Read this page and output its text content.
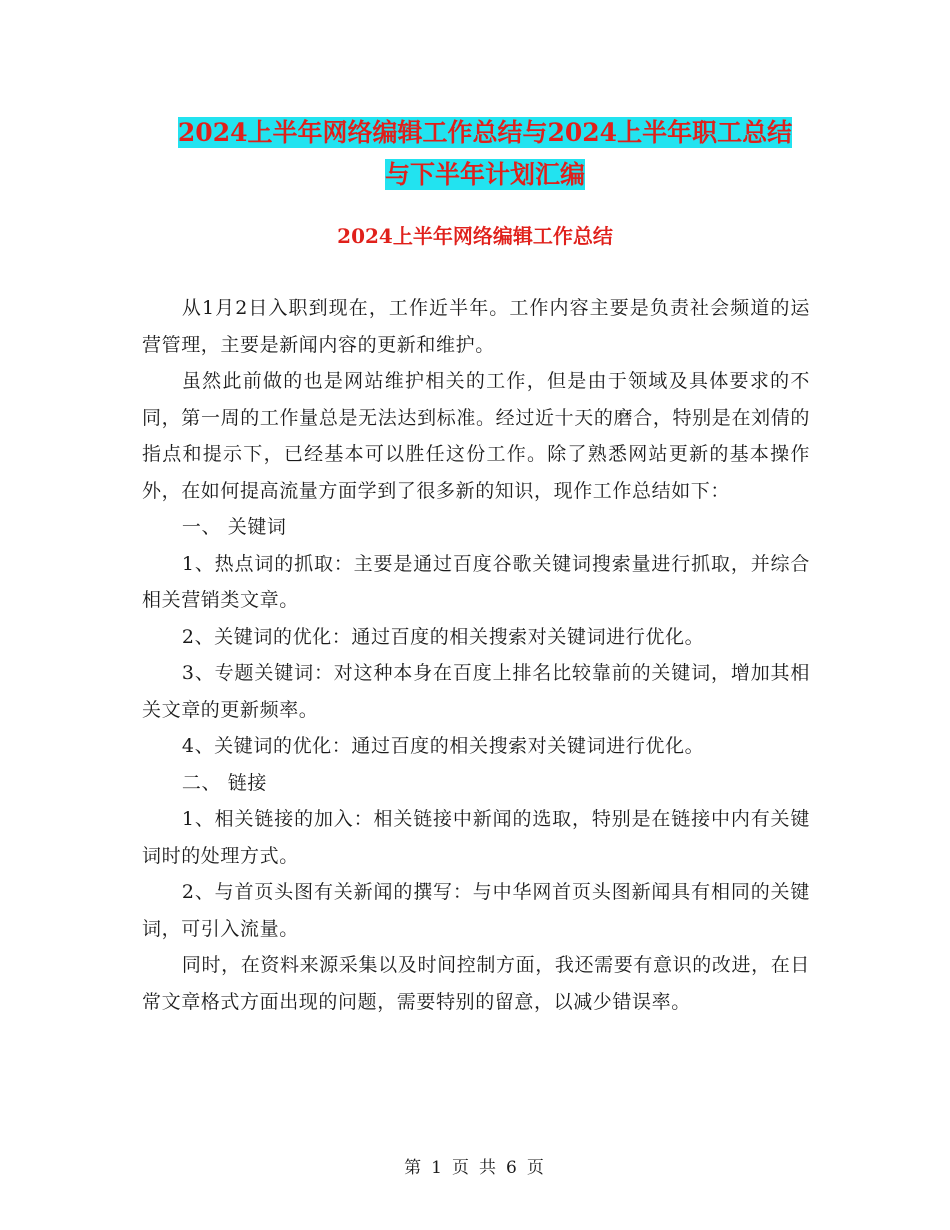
2024上半年网络编辑工作总结与2024上半年职工总结
与下半年计划汇编
2024上半年网络编辑工作总结

从1月2日入职到现在，工作近半年。工作内容主要是负责社会频道的运营管理，主要是新闻内容的更新和维护。

虽然此前做的也是网站维护相关的工作，但是由于领域及具体要求的不同，第一周的工作量总是无法达到标准。经过近十天的磨合，特别是在刘倩的指点和提示下，已经基本可以胜任这份工作。除了熟悉网站更新的基本操作外，在如何提高流量方面学到了很多新的知识，现作工作总结如下：

一、 关键词

1、热点词的抓取：主要是通过百度谷歌关键词搜索量进行抓取，并综合相关营销类文章。

2、关键词的优化：通过百度的相关搜索对关键词进行优化。

3、专题关键词：对这种本身在百度上排名比较靠前的关键词，增加其相关文章的更新频率。

4、关键词的优化：通过百度的相关搜索对关键词进行优化。

二、 链接

1、相关链接的加入：相关链接中新闻的选取，特别是在链接中内有关键词时的处理方式。

2、与首页头图有关新闻的撰写：与中华网首页头图新闻具有相同的关键词，可引入流量。

同时，在资料来源采集以及时间控制方面，我还需要有意识的改进，在日常文章格式方面出现的问题，需要特别的留意，以减少错误率。

第 1 页 共 6 页
